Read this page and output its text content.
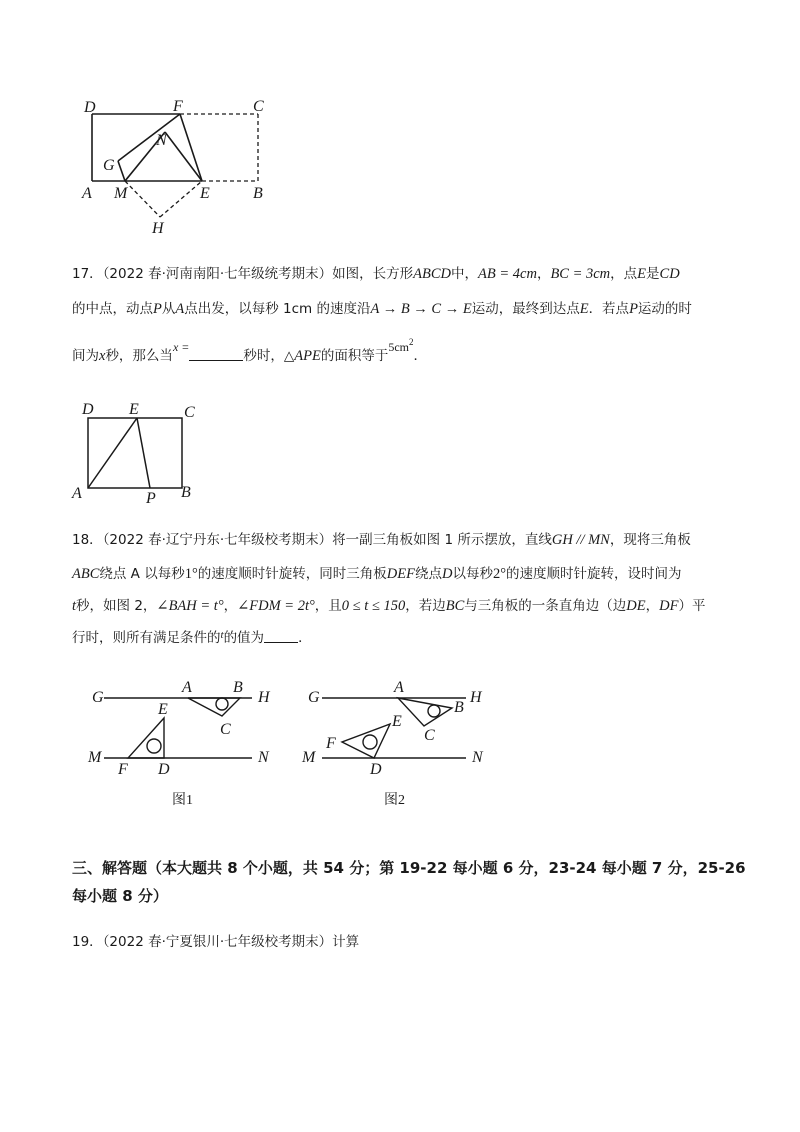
D	F	C
N
G
A M	E	B
H
17．（2022 春·河南南阳·七年级统考期末）如图，长方形ABCD中，AB = 4cm，BC = 3cm，点E是CD
的中点，动点P从A点出发，以每秒 1cm 的速度沿A → B → C → E运动，最终到达点E．若点P运动的时
间为x秒，那么当x =秒时，△APE的面积等于$5cm^2$．
D E	C
A	P B
18．（2022 春·辽宁丹东·七年级校考期末）将一副三角板如图 1 所示摆放，直线GH // MN，现将三角板
ABC绕点 A 以每秒1°的速度顺时针旋转，同时三角板DEF绕点D以每秒2°的速度顺时针旋转，设时间为
t秒，如图 2，∠BAH = t°，∠FDM = 2t°，且0 ≤ t ≤ 150，若边BC与三角板的一条直角边（边DE，DF）平
行时，则所有满足条件的$^t$的值为	．
G
A	B
H
E
C
M
F D
N
图1
G
A
H
B
E
F	C
M
D
N
图2
三、解答题（本大题共 8 个小题，共 54 分；第 19-22 每小题 6 分，23-24 每小题 7 分，25-26
每小题 8 分）
19．（2022 春·宁夏银川·七年级校考期末）计算
